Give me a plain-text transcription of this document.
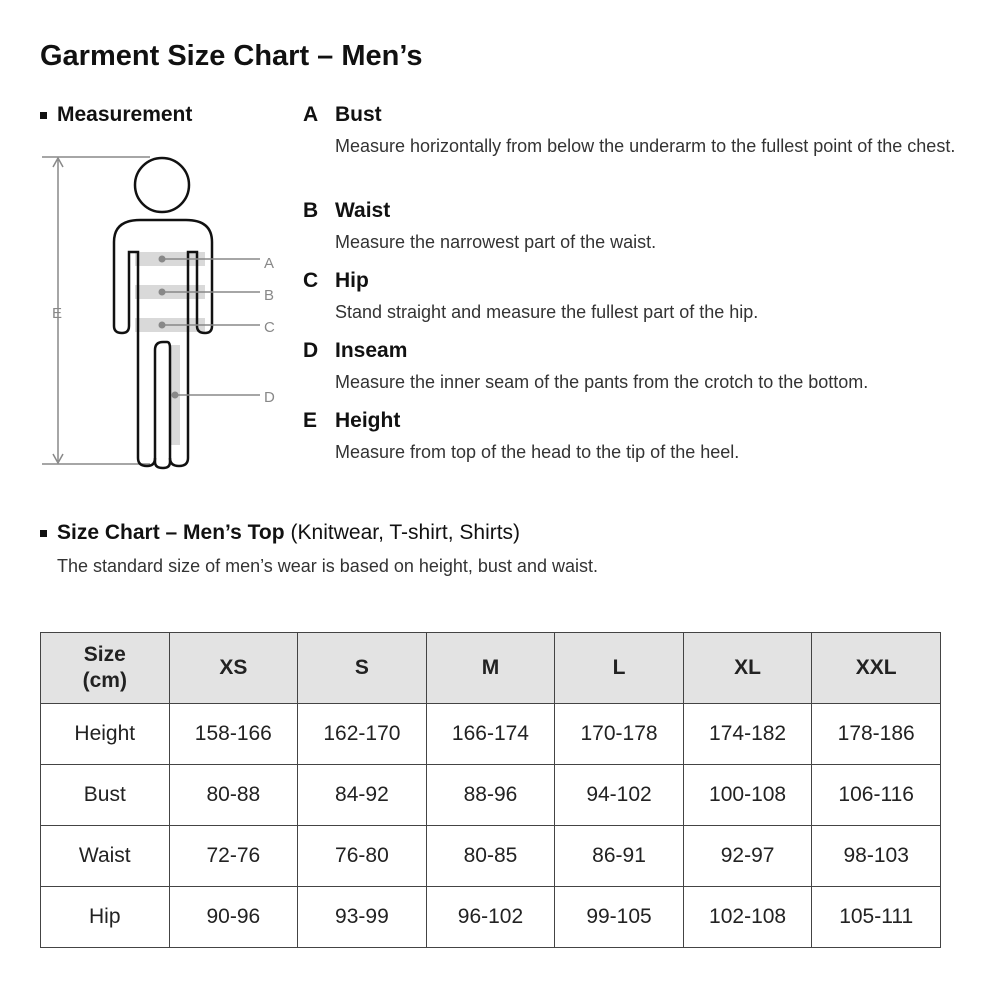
Garment Size Chart – Men’s
Measurement
E
A
B
C
D
A Bust
Measure horizontally from below the underarm to the fullest point of the chest.
B Waist
Measure the narrowest part of the waist.
C Hip
Stand straight and measure the fullest part of the hip.
D Inseam
Measure the inner seam of the pants from the crotch to the bottom.
E Height
Measure from top of the head to the tip of the heel.
Size Chart – Men’s Top (Knitwear, T-shirt, Shirts)
The standard size of men’s wear is based on height, bust and waist.
Size
(cm)	XS	S	M	L	XL	XXL
Height	158-166	162-170	166-174	170-178	174-182	178-186
Bust	80-88	84-92	88-96	94-102	100-108	106-116
Waist	72-76	76-80	80-85	86-91	92-97	98-103
Hip	90-96	93-99	96-102	99-105	102-108	105-111
